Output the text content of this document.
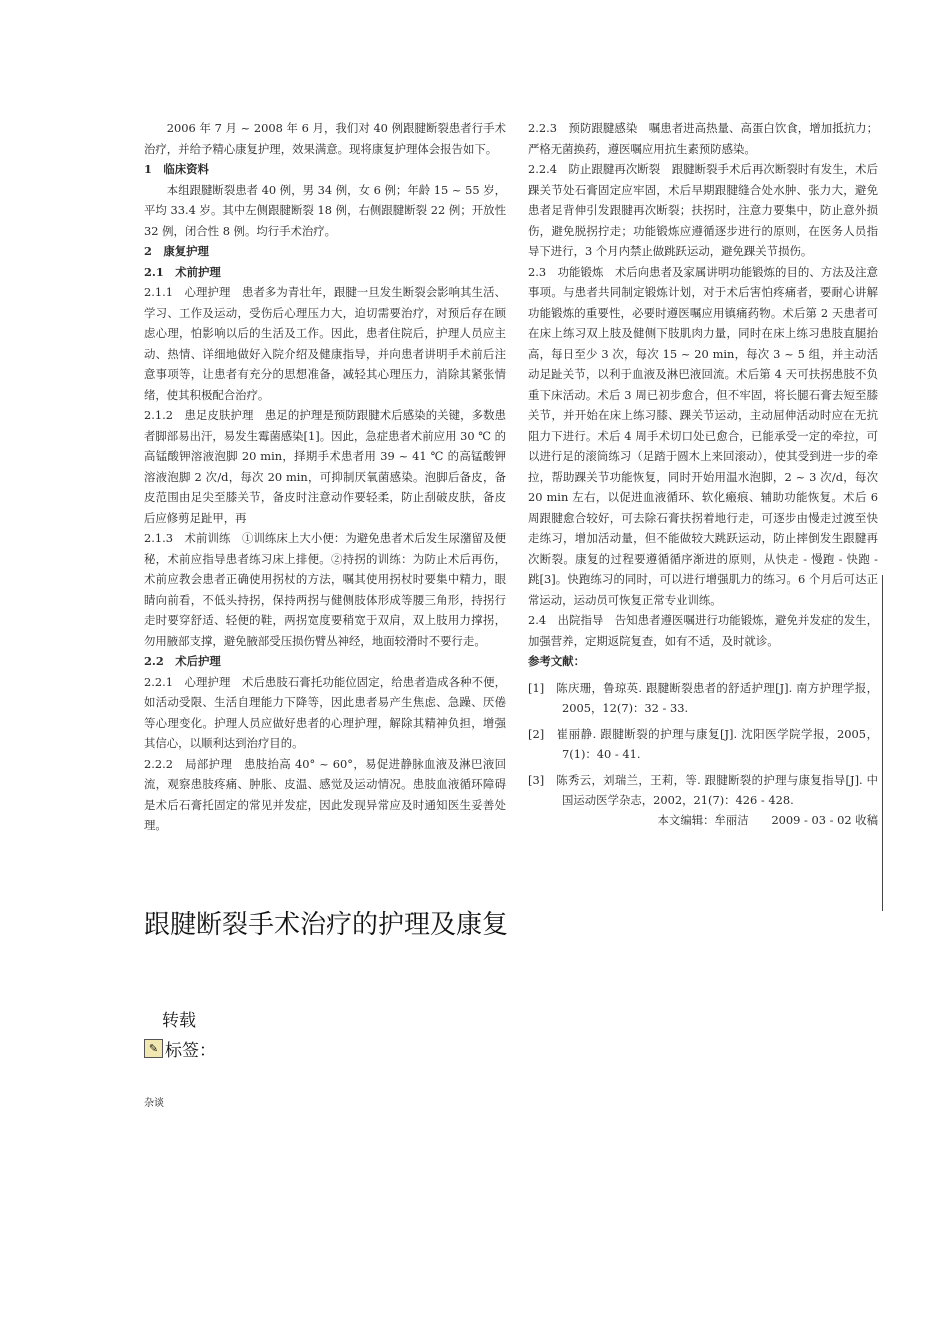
2006 年 7 月 ~ 2008 年 6 月，我们对 40 例跟腱断裂患者行手术治疗，并给予精心康复护理，效果满意。现将康复护理体会报告如下。

1　临床资料

本组跟腱断裂患者 40 例，男 34 例，女 6 例；年龄 15 ~ 55 岁，平均 33.4 岁。其中左侧跟腱断裂 18 例，右侧跟腱断裂 22 例；开放性 32 例，闭合性 8 例。均行手术治疗。

2　康复护理

2.1　术前护理

2.1.1　心理护理　患者多为青壮年，跟腱一旦发生断裂会影响其生活、学习、工作及运动，受伤后心理压力大，迫切需要治疗，对预后存在顾虑心理，怕影响以后的生活及工作。因此，患者住院后，护理人员应主动、热情、详细地做好入院介绍及健康指导，并向患者讲明手术前后注意事项等，让患者有充分的思想准备，减轻其心理压力，消除其紧张情绪，使其积极配合治疗。

2.1.2　患足皮肤护理　患足的护理是预防跟腱术后感染的关键，多数患者脚部易出汗，易发生霉菌感染[1]。因此，急症患者术前应用 30 ℃ 的高锰酸钾溶液泡脚 20 min，择期手术患者用 39 ~ 41 ℃ 的高锰酸钾溶液泡脚 2 次/d，每次 20 min，可抑制厌氧菌感染。泡脚后备皮，备皮范围由足尖至膝关节，备皮时注意动作要轻柔，防止刮破皮肤，备皮后应修剪足趾甲，再

2.1.3　术前训练　①训练床上大小便：为避免患者术后发生尿潴留及便秘，术前应指导患者练习床上排便。②持拐的训练：为防止术后再伤，术前应教会患者正确使用拐杖的方法，嘱其使用拐杖时要集中精力，眼睛向前看，不低头持拐，保持两拐与健侧肢体形成等腰三角形，持拐行走时要穿舒适、轻便的鞋，两拐宽度要稍宽于双肩，双上肢用力撑拐，勿用腋部支撑，避免腋部受压损伤臂丛神经，地面较滑时不要行走。

2.2　术后护理

2.2.1　心理护理　术后患肢石膏托功能位固定，给患者造成各种不便，如活动受限、生活自理能力下降等，因此患者易产生焦虑、急躁、厌倦等心理变化。护理人员应做好患者的心理护理，解除其精神负担，增强其信心，以顺利达到治疗目的。

2.2.2　局部护理　患肢抬高 40° ~ 60°，易促进静脉血液及淋巴液回流，观察患肢疼痛、肿胀、皮温、感觉及运动情况。患肢血液循环障碍是术后石膏托固定的常见并发症，因此发现异常应及时通知医生妥善处理。

2.2.3　预防跟腱感染　嘱患者进高热量、高蛋白饮食，增加抵抗力；严格无菌换药，遵医嘱应用抗生素预防感染。

2.2.4　防止跟腱再次断裂　跟腱断裂手术后再次断裂时有发生，术后踝关节处石膏固定应牢固，术后早期跟腱缝合处水肿、张力大，避免患者足背伸引发跟腱再次断裂；扶拐时，注意力要集中，防止意外损伤，避免脱拐拧走；功能锻炼应遵循逐步进行的原则，在医务人员指导下进行，3 个月内禁止做跳跃运动，避免踝关节损伤。

2.3　功能锻炼　术后向患者及家属讲明功能锻炼的目的、方法及注意事项。与患者共同制定锻炼计划，对于术后害怕疼痛者，要耐心讲解功能锻炼的重要性，必要时遵医嘱应用镇痛药物。术后第 2 天患者可在床上练习双上肢及健侧下肢肌肉力量，同时在床上练习患肢直腿抬高，每日至少 3 次，每次 15 ~ 20 min，每次 3 ~ 5 组，并主动活动足趾关节，以利于血液及淋巴液回流。术后第 4 天可扶拐患肢不负重下床活动。术后 3 周已初步愈合，但不牢固，将长腿石膏去短至膝关节，并开始在床上练习膝、踝关节运动，主动屈伸活动时应在无抗阻力下进行。术后 4 周手术切口处已愈合，已能承受一定的牵拉，可以进行足的滚筒练习（足踏于圆木上来回滚动），使其受到进一步的牵拉，帮助踝关节功能恢复，同时开始用温水泡脚，2 ~ 3 次/d，每次 20 min 左右，以促进血液循环、软化瘢痕、辅助功能恢复。术后 6 周跟腱愈合较好，可去除石膏扶拐着地行走，可逐步由慢走过渡至快走练习，增加活动量，但不能做较大跳跃运动，防止摔倒发生跟腱再次断裂。康复的过程要遵循循序渐进的原则，从快走 - 慢跑 - 快跑 - 跳[3]。快跑练习的同时，可以进行增强肌力的练习。6 个月后可达正常运动，运动员可恢复正常专业训练。

2.4　出院指导　告知患者遵医嘱进行功能锻炼，避免并发症的发生，加强营养，定期返院复查，如有不适，及时就诊。

参考文献：

[1]　陈庆珊，鲁琼英. 跟腱断裂患者的舒适护理[J]. 南方护理学报，2005，12(7)：32 - 33.

[2]　崔丽静. 跟腱断裂的护理与康复[J]. 沈阳医学院学报，2005，7(1)：40 - 41.

[3]　陈秀云，刘瑞兰，王莉，等. 跟腱断裂的护理与康复指导[J]. 中国运动医学杂志，2002，21(7)：426 - 428.

本文编辑：牟丽洁　　2009 - 03 - 02 收稿

跟腱断裂手术治疗的护理及康复
转载
✎ 标签：
杂谈
